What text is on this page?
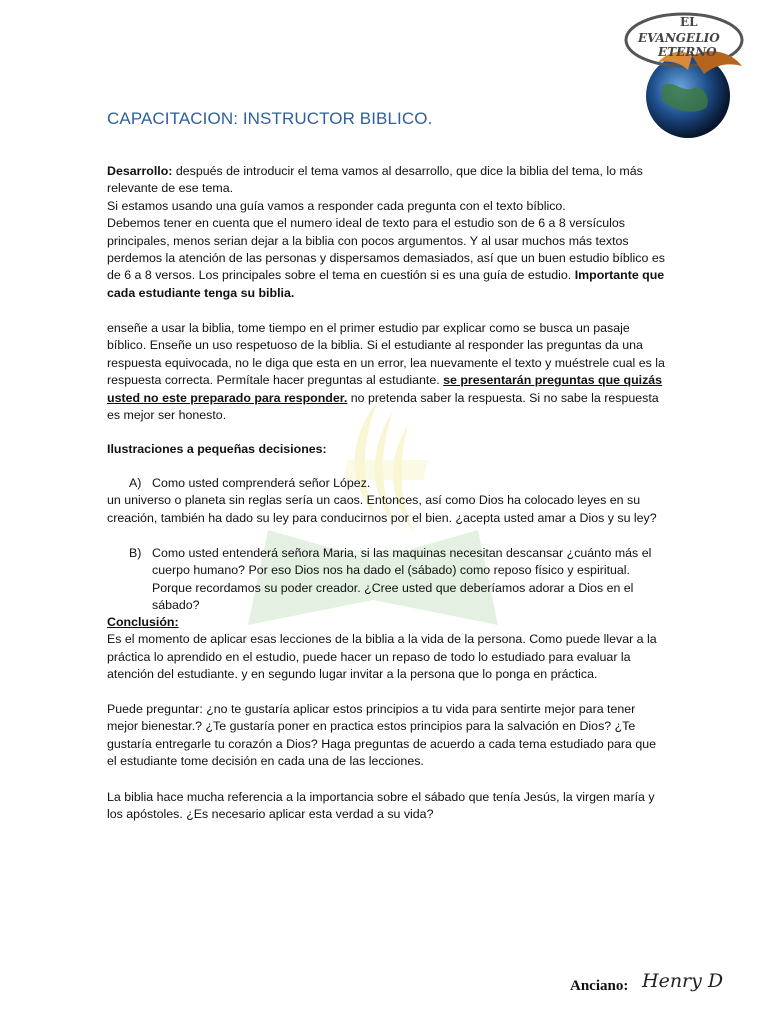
EL
EVANGELIO
ETERNO
CAPACITACION: INSTRUCTOR BIBLICO.

Desarrollo: después de introducir el tema vamos al desarrollo, que dice la biblia del tema, lo más relevante de ese tema.

Si estamos usando una guía vamos a responder cada pregunta con el texto bíblico.

Debemos tener en cuenta que el numero ideal de texto para el estudio son de 6 a 8 versículos principales, menos serian dejar a la biblia con pocos argumentos. Y al usar muchos más textos perdemos la atención de las personas y dispersamos demasiados, así que un buen estudio bíblico es de 6 a 8 versos. Los principales sobre el tema en cuestión si es una guía de estudio. Importante que cada estudiante tenga su biblia.

enseñe a usar la biblia, tome tiempo en el primer estudio par explicar como se busca un pasaje bíblico. Enseñe un uso respetuoso de la biblia. Si el estudiante al responder las preguntas da una respuesta equivocada, no le diga que esta en un error, lea nuevamente el texto y muéstrele cual es la respuesta correcta. Permítale hacer preguntas al estudiante. se presentarán preguntas que quizás usted no este preparado para responder. no pretenda saber la respuesta. Si no sabe la respuesta es mejor ser honesto.

Ilustraciones a pequeñas decisiones:

A) Como usted comprenderá señor López.

un universo o planeta sin reglas sería un caos. Entonces, así como Dios ha colocado leyes en su creación, también ha dado su ley para conducirnos por el bien. ¿acepta usted amar a Dios y su ley?

B) Como usted entenderá señora Maria, si las maquinas necesitan descansar ¿cuánto más el cuerpo humano? Por eso Dios nos ha dado el (sábado) como reposo físico y espiritual. Porque recordamos su poder creador. ¿Cree usted que deberíamos adorar a Dios en el sábado?

Conclusión:

Es el momento de aplicar esas lecciones de la biblia a la vida de la persona. Como puede llevar a la práctica lo aprendido en el estudio, puede hacer un repaso de todo lo estudiado para evaluar la atención del estudiante. y en segundo lugar invitar a la persona que lo ponga en práctica.

Puede preguntar: ¿no te gustaría aplicar estos principios a tu vida para sentirte mejor para tener mejor bienestar.? ¿Te gustaría poner en practica estos principios para la salvación en Dios? ¿Te gustaría entregarle tu corazón a Dios? Haga preguntas de acuerdo a cada tema estudiado para que el estudiante tome decisión en cada una de las lecciones.

La biblia hace mucha referencia a la importancia sobre el sábado que tenía Jesús, la virgen maría y los apóstoles. ¿Es necesario aplicar esta verdad a su vida?

Anciano: Henry D
